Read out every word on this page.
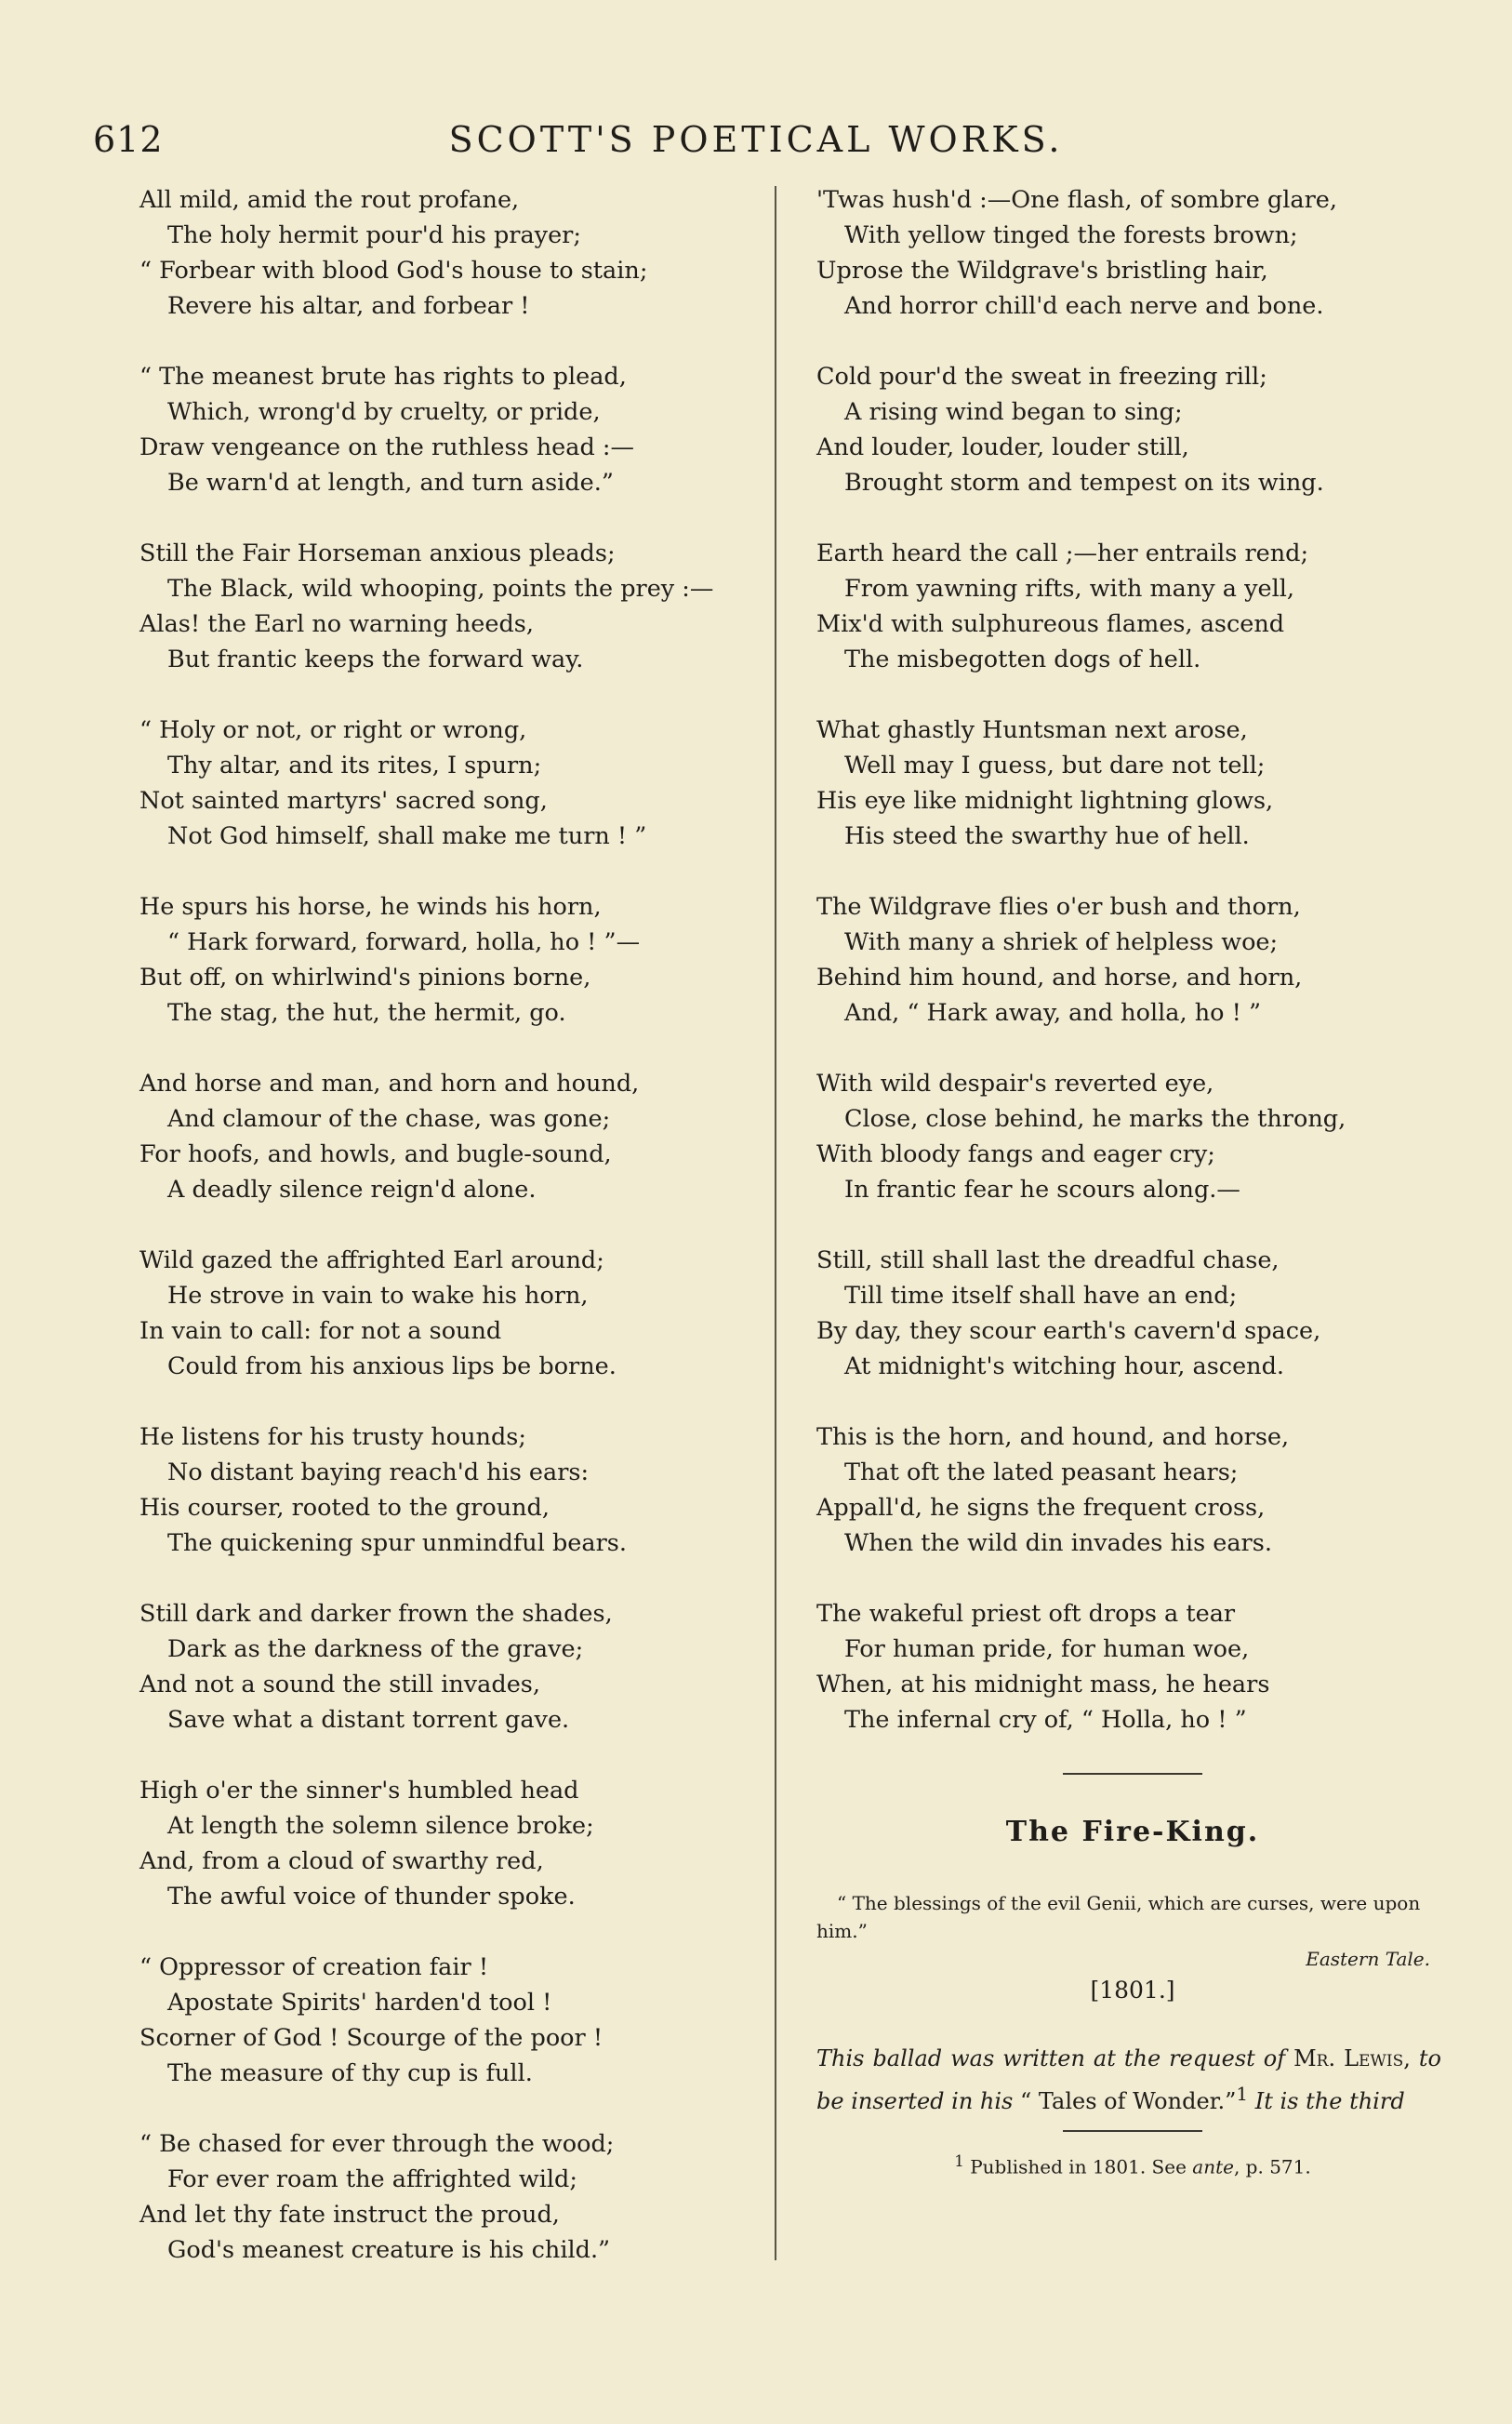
612	SCOTT'S POETICAL WORKS.
All mild, amid the rout profane,
The holy hermit pour'd his prayer;
“ Forbear with blood God's house to stain;
Revere his altar, and forbear !
“ The meanest brute has rights to plead,
Which, wrong'd by cruelty, or pride,
Draw vengeance on the ruthless head :—
Be warn'd at length, and turn aside.”
Still the Fair Horseman anxious pleads;
The Black, wild whooping, points the prey :—
Alas! the Earl no warning heeds,
But frantic keeps the forward way.
“ Holy or not, or right or wrong,
Thy altar, and its rites, I spurn;
Not sainted martyrs' sacred song,
Not God himself, shall make me turn ! ”
He spurs his horse, he winds his horn,
“ Hark forward, forward, holla, ho ! ”—
But off, on whirlwind's pinions borne,
The stag, the hut, the hermit, go.
And horse and man, and horn and hound,
And clamour of the chase, was gone;
For hoofs, and howls, and bugle-sound,
A deadly silence reign'd alone.
Wild gazed the affrighted Earl around;
He strove in vain to wake his horn,
In vain to call: for not a sound
Could from his anxious lips be borne.
He listens for his trusty hounds;
No distant baying reach'd his ears:
His courser, rooted to the ground,
The quickening spur unmindful bears.
Still dark and darker frown the shades,
Dark as the darkness of the grave;
And not a sound the still invades,
Save what a distant torrent gave.
High o'er the sinner's humbled head
At length the solemn silence broke;
And, from a cloud of swarthy red,
The awful voice of thunder spoke.
“ Oppressor of creation fair !
Apostate Spirits' harden'd tool !
Scorner of God ! Scourge of the poor !
The measure of thy cup is full.
“ Be chased for ever through the wood;
For ever roam the affrighted wild;
And let thy fate instruct the proud,
God's meanest creature is his child.”
'Twas hush'd :—One flash, of sombre glare,
With yellow tinged the forests brown;
Uprose the Wildgrave's bristling hair,
And horror chill'd each nerve and bone.
Cold pour'd the sweat in freezing rill;
A rising wind began to sing;
And louder, louder, louder still,
Brought storm and tempest on its wing.
Earth heard the call ;—her entrails rend;
From yawning rifts, with many a yell,
Mix'd with sulphureous flames, ascend
The misbegotten dogs of hell.
What ghastly Huntsman next arose,
Well may I guess, but dare not tell;
His eye like midnight lightning glows,
His steed the swarthy hue of hell.
The Wildgrave flies o'er bush and thorn,
With many a shriek of helpless woe;
Behind him hound, and horse, and horn,
And, “ Hark away, and holla, ho ! ”
With wild despair's reverted eye,
Close, close behind, he marks the throng,
With bloody fangs and eager cry;
In frantic fear he scours along.—
Still, still shall last the dreadful chase,
Till time itself shall have an end;
By day, they scour earth's cavern'd space,
At midnight's witching hour, ascend.
This is the horn, and hound, and horse,
That oft the lated peasant hears;
Appall'd, he signs the frequent cross,
When the wild din invades his ears.
The wakeful priest oft drops a tear
For human pride, for human woe,
When, at his midnight mass, he hears
The infernal cry of, “ Holla, ho ! ”
The Fire-King.
“ The blessings of the evil Genii, which are curses, were upon him.”
Eastern Tale.
[1801.]
This ballad was written at the request of Mr. Lewis, to be inserted in his “ Tales of Wonder.”$^1$ It is the third
$^1$ Published in 1801. See ante, p. 571.
